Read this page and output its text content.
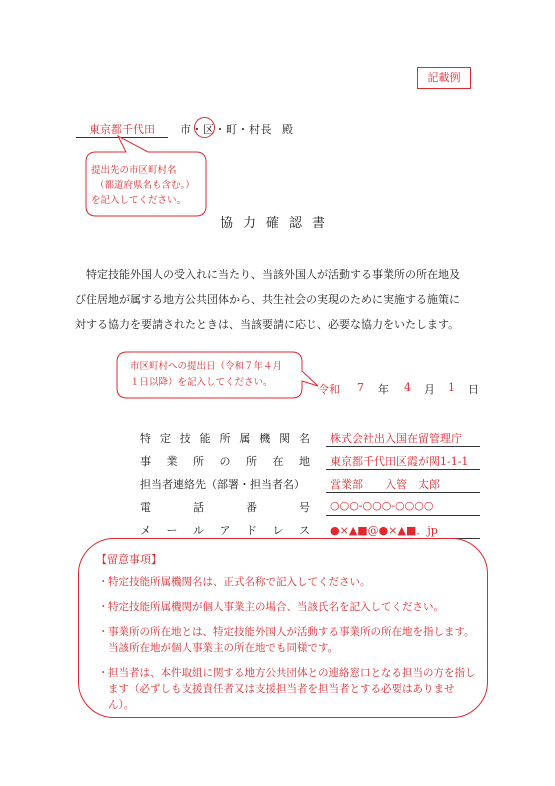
記載例
東京都千代田 市・区・町・村長 殿
提出先の市区町村名
（都道府県名も含む。）
を記入してください。
協力確認書
特定技能外国人の受入れに当たり、当該外国人が活動する事業所の所在地及
び住居地が属する地方公共団体から、共生社会の実現のために実施する施策に
対する協力を要請されたときは、当該要請に応じ、必要な協力をいたします。
市区町村への提出日（令和７年４月
１日以降）を記入してください。
令和 7 年 4 月 1 日
特 定 技 能 所 属 機 関 名	株式会社出入国在留管理庁
事 業 所 の 所 在 地	東京都千代田区霞が関1-1-1
担当者連絡先（部署・担当者名）	営業部　　入管　太郎
電	話	番	号	○○○-○○○-○○○○
メ ー ル ア ド レ ス	●×▲■@●×▲■．jp
【留意事項】
・ 特定技能所属機関名は、正式名称で記入してください。
・ 特定技能所属機関が個人事業主の場合、当該氏名を記入してください。
・ 事業所の所在地とは、特定技能外国人が活動する事業所の所在地を指します。当該所在地が個人事業主の所在地でも同様です。
・ 担当者は、本件取組に関する地方公共団体との連絡窓口となる担当の方を指します（必ずしも支援責任者又は支援担当者を担当者とする必要はありません）。
